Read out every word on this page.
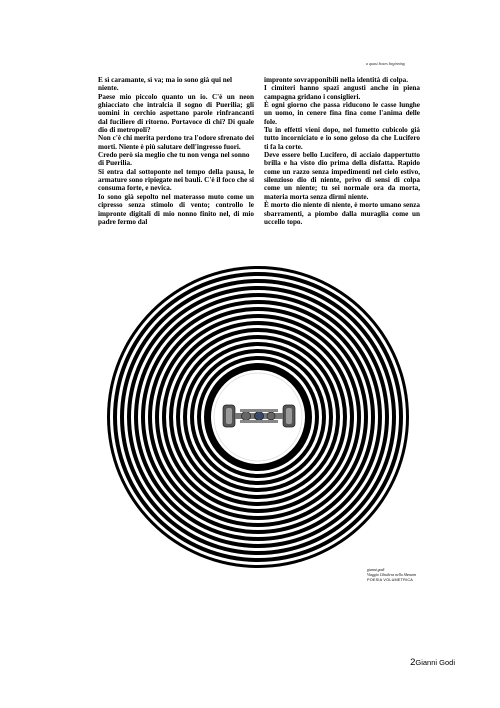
a quasi boxes beginning

E sì caramante, sì va; ma io sono già qui nel niente.

Paese mio piccolo quanto un io. C'è un neon ghiacciato che intralcia il sogno di Puerilia; gli uomini in cerchio aspettano parole rinfrancanti dal fuciliere di ritorno. Portavoce di chi? Di quale dio di metropoli?

Non c'è chi merita perdono tra l'odore sfrenato dei morti. Niente è più salutare dell'ingresso fuori.

Credo però sia meglio che tu non venga nel sonno di Puerilia.

Si entra dal sottoponte nel tempo della pausa, le armature sono ripiegate nei bauli. C'è il foco che si consuma forte, e nevica.

Io sono già sepolto nel materasso muto come un cipresso senza stimolo di vento; controllo le impronte digitali di mio nonno finito nel, di mio padre fermo dal

impronte sovrapponibili nella identità di colpa.

I cimiteri hanno spazi angusti anche in piena campagna gridano i consiglieri.

È ogni giorno che passa riducono le casse lunghe un uomo, in cenere fina fina come l'anima delle fole.

Tu in effetti vieni dopo, nel fumetto cubicolo già tutto incorniciato e io sono geloso da che Lucifero ti fa la corte.

Deve essere bello Lucifero, di acciaio dappertutto brilla e ha visto dio prima della disfatta. Rapido come un razzo senza impedimenti nel cielo estivo, silenzioso dio di niente, privo di sensi di colpa come un niente; tu sei normale ora da morta, materia morta senza dirmi niente.

È morto dio niente di niente, è morto umano senza sbarramenti, a piombo dalla muraglia come un uccello topo.

gianni godi
Viaggio Cihuilera nello Shenzen
POESIA VOLUMETRICA
2Gianni Godi
